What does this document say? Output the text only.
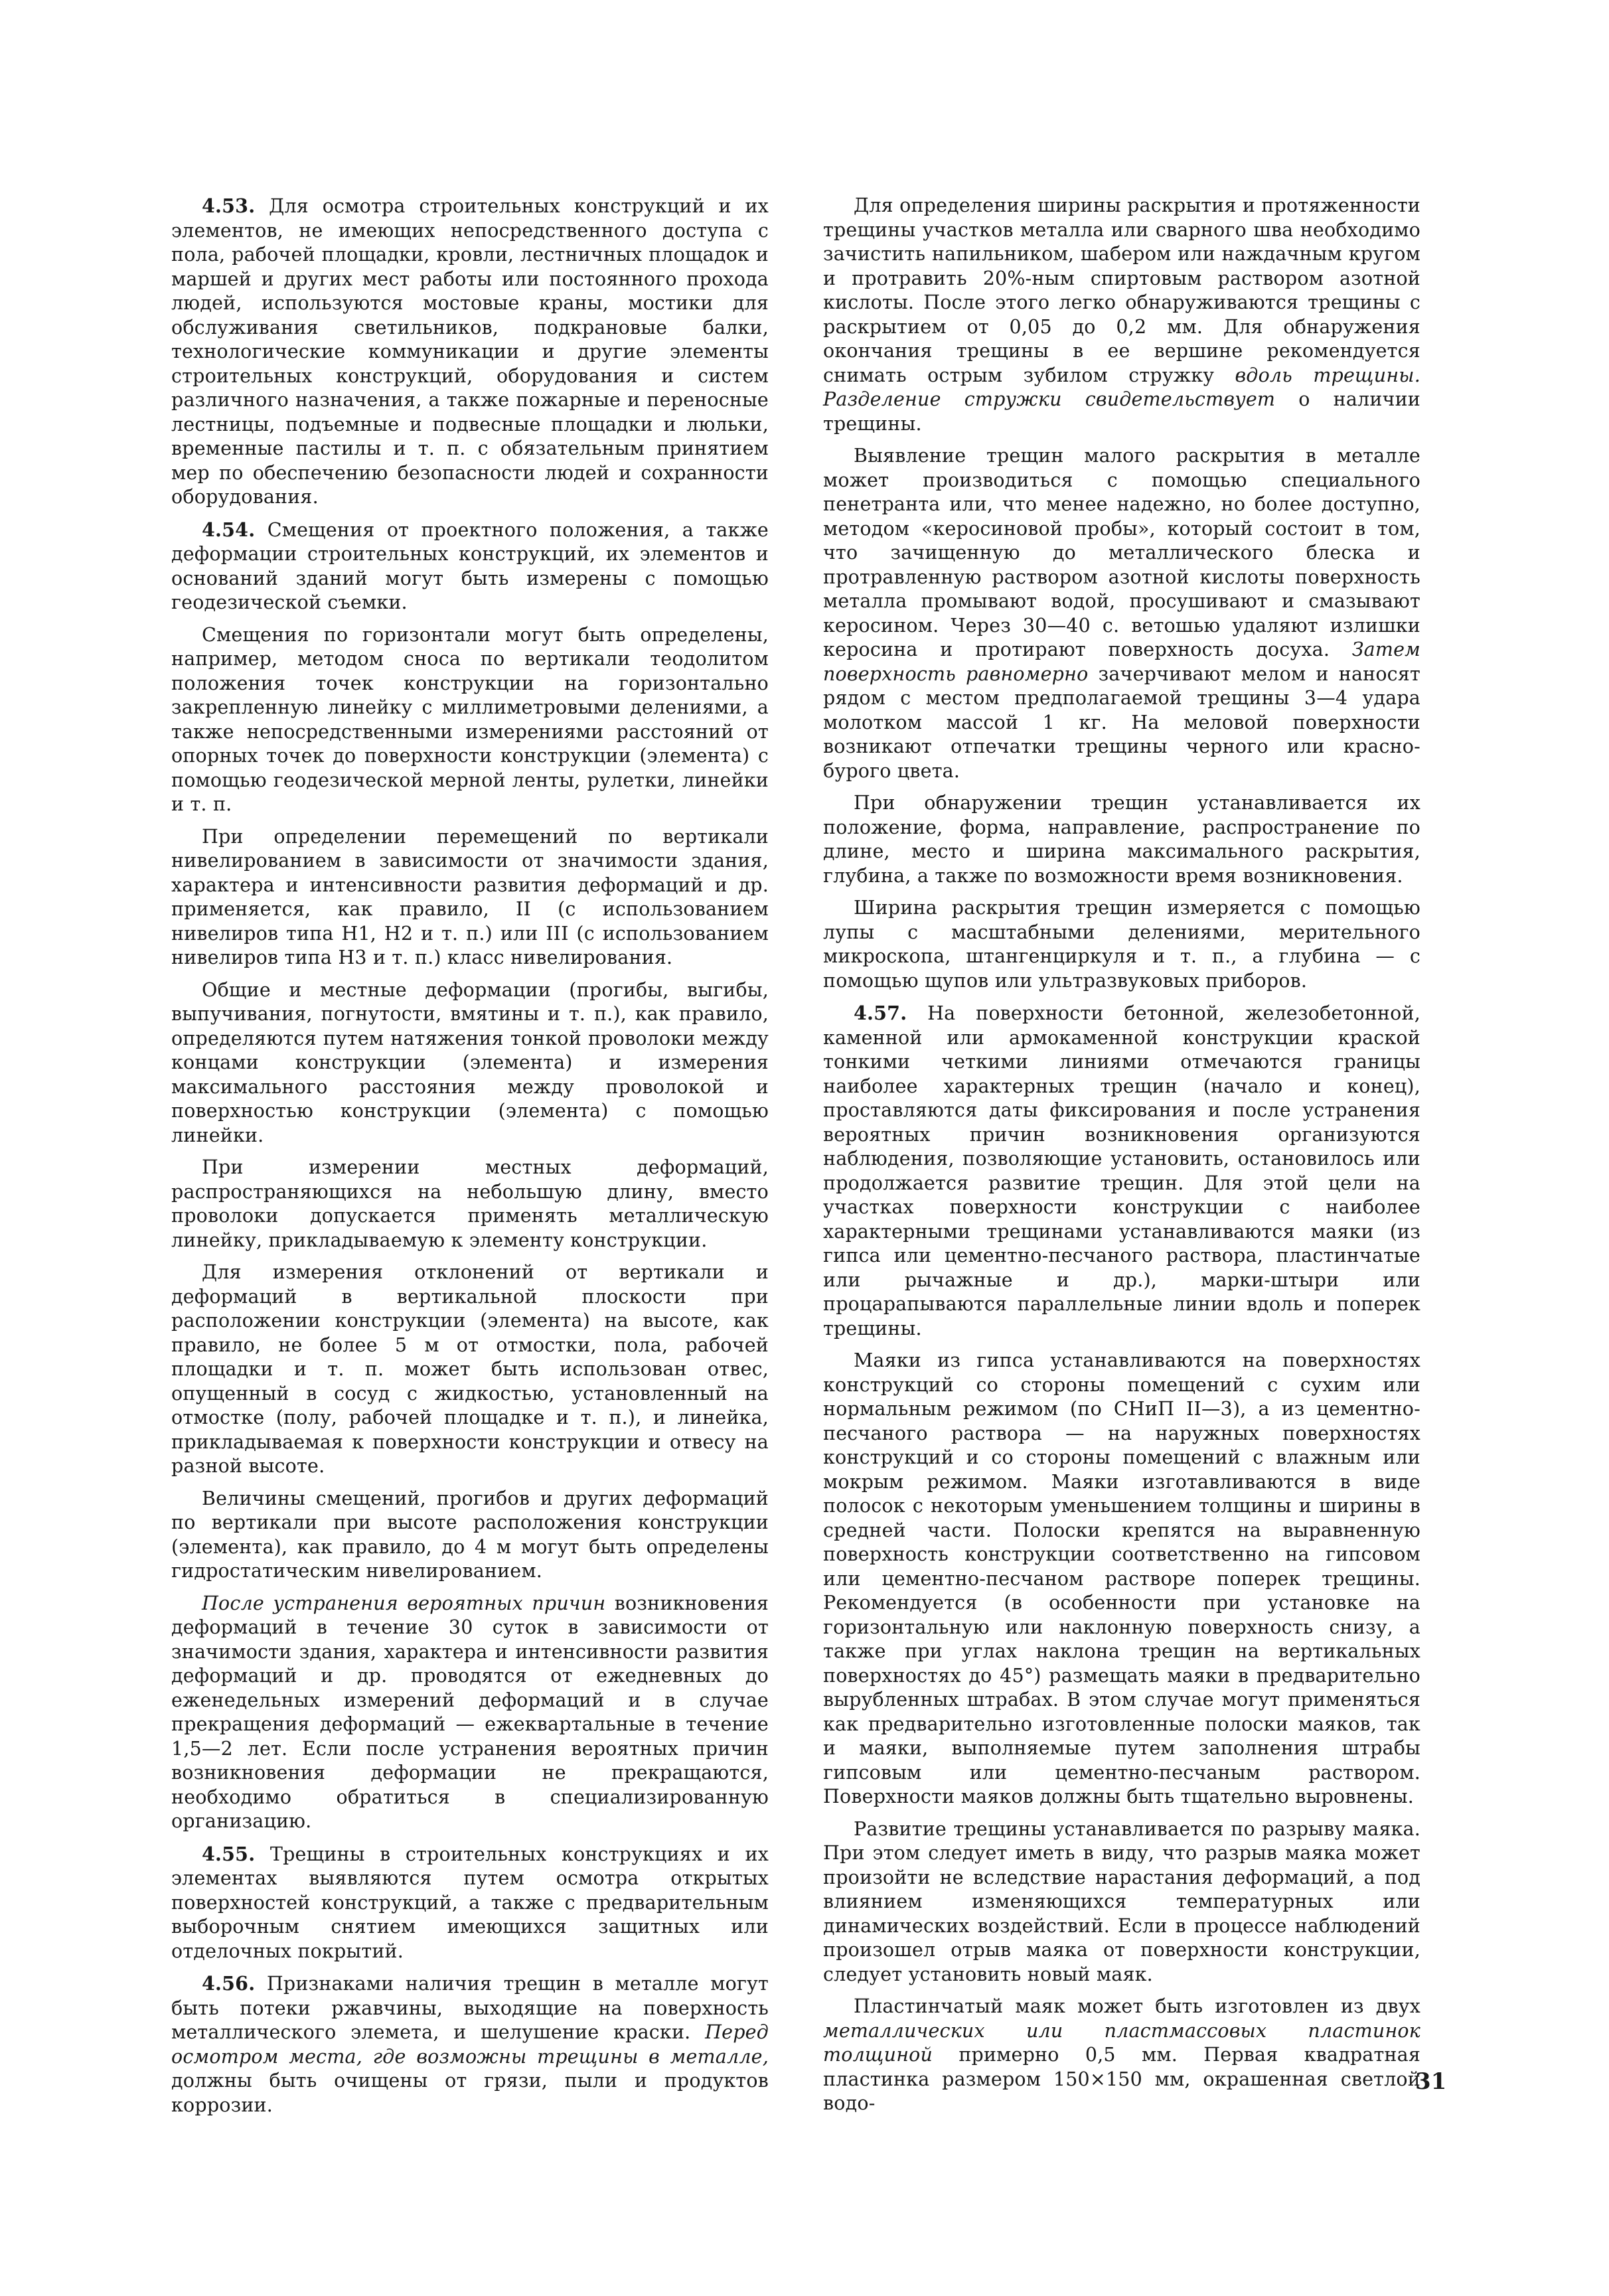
4.53. Для осмотра строительных конструкций и их элементов, не имеющих непосредственного доступа с пола, рабочей площадки, кровли, лестничных площадок и маршей и других мест работы или постоянного прохода людей, используются мостовые краны, мостики для обслуживания светильников, подкрановые балки, технологические коммуникации и другие элементы строительных конструкций, оборудования и систем различного назначения, а также пожарные и переносные лестницы, подъемные и подвесные площадки и люльки, временные пастилы и т. п. с обязательным принятием мер по обеспечению безопасности людей и сохранности оборудования.

4.54. Смещения от проектного положения, а также деформации строительных конструкций, их элементов и оснований зданий могут быть измерены с помощью геодезической съемки.

Смещения по горизонтали могут быть определены, например, методом сноса по вертикали теодолитом положения точек конструкции на горизонтально закрепленную линейку с миллиметровыми делениями, а также непосредственными измерениями расстояний от опорных точек до поверхности конструкции (элемента) с помощью геодезической мерной ленты, рулетки, линейки и т. п.

При определении перемещений по вертикали нивелированием в зависимости от значимости здания, характера и интенсивности развития деформаций и др. применяется, как правило, II (с использованием нивелиров типа Н1, Н2 и т. п.) или III (с использованием нивелиров типа Н3 и т. п.) класс нивелирования.

Общие и местные деформации (прогибы, выгибы, выпучивания, погнутости, вмятины и т. п.), как правило, определяются путем натяжения тонкой проволоки между концами конструкции (элемента) и измерения максимального расстояния между проволокой и поверхностью конструкции (элемента) с помощью линейки.

При измерении местных деформаций, распространяющихся на небольшую длину, вместо проволоки допускается применять металлическую линейку, прикладываемую к элементу конструкции.

Для измерения отклонений от вертикали и деформаций в вертикальной плоскости при расположении конструкции (элемента) на высоте, как правило, не более 5 м от отмостки, пола, рабочей площадки и т. п. может быть использован отвес, опущенный в сосуд с жидкостью, установленный на отмостке (полу, рабочей площадке и т. п.), и линейка, прикладываемая к поверхности конструкции и отвесу на разной высоте.

Величины смещений, прогибов и других деформаций по вертикали при высоте расположения конструкции (элемента), как правило, до 4 м могут быть определены гидростатическим нивелированием.

После устранения вероятных причин возникновения деформаций в течение 30 суток в зависимости от значимости здания, характера и интенсивности развития деформаций и др. проводятся от ежедневных до еженедельных измерений деформаций и в случае прекращения деформаций — ежеквартальные в течение 1,5—2 лет. Если после устранения вероятных причин возникновения деформации не прекращаются, необходимо обратиться в специализированную организацию.

4.55. Трещины в строительных конструкциях и их элементах выявляются путем осмотра открытых поверхностей конструкций, а также с предварительным выборочным снятием имеющихся защитных или отделочных покрытий.

4.56. Признаками наличия трещин в металле могут быть потеки ржавчины, выходящие на поверхность металлического элемета, и шелушение краски. Перед осмотром места, где возможны трещины в металле, должны быть очищены от грязи, пыли и продуктов коррозии.

Для определения ширины раскрытия и протяженности трещины участков металла или сварного шва необходимо зачистить напильником, шабером или наждачным кругом и протравить 20%-ным спиртовым раствором азотной кислоты. После этого легко обнаруживаются трещины с раскрытием от 0,05 до 0,2 мм. Для обнаружения окончания трещины в ее вершине рекомендуется снимать острым зубилом стружку вдоль трещины. Разделение стружки свидетельствует о наличии трещины.

Выявление трещин малого раскрытия в металле может производиться с помощью специального пенетранта или, что менее надежно, но более доступно, методом «керосиновой пробы», который состоит в том, что зачищенную до металлического блеска и протравленную раствором азотной кислоты поверхность металла промывают водой, просушивают и смазывают керосином. Через 30—40 с. ветошью удаляют излишки керосина и протирают поверхность досуха. Затем поверхность равномерно зачерчивают мелом и наносят рядом с местом предполагаемой трещины 3—4 удара молотком массой 1 кг. На меловой поверхности возникают отпечатки трещины черного или красно-бурого цвета.

При обнаружении трещин устанавливается их положение, форма, направление, распространение по длине, место и ширина максимального раскрытия, глубина, а также по возможности время возникновения.

Ширина раскрытия трещин измеряется с помощью лупы с масштабными делениями, мерительного микроскопа, штангенциркуля и т. п., а глубина — с помощью щупов или ультразвуковых приборов.

4.57. На поверхности бетонной, железобетонной, каменной или армокаменной конструкции краской тонкими четкими линиями отмечаются границы наиболее характерных трещин (начало и конец), проставляются даты фиксирования и после устранения вероятных причин возникновения организуются наблюдения, позволяющие установить, остановилось или продолжается развитие трещин. Для этой цели на участках поверхности конструкции с наиболее характерными трещинами устанавливаются маяки (из гипса или цементно-песчаного раствора, пластинчатые или рычажные и др.), марки-штыри или процарапываются параллельные линии вдоль и поперек трещины.

Маяки из гипса устанавливаются на поверхностях конструкций со стороны помещений с сухим или нормальным режимом (по СНиП II—3), а из цементно-песчаного раствора — на наружных поверхностях конструкций и со стороны помещений с влажным или мокрым режимом. Маяки изготавливаются в виде полосок с некоторым уменьшением толщины и ширины в средней части. Полоски крепятся на выравненную поверхность конструкции соответственно на гипсовом или цементно-песчаном растворе поперек трещины. Рекомендуется (в особенности при установке на горизонтальную или наклонную поверхность снизу, а также при углах наклона трещин на вертикальных поверхностях до 45°) размещать маяки в предварительно вырубленных штрабах. В этом случае могут применяться как предварительно изготовленные полоски маяков, так и маяки, выполняемые путем заполнения штрабы гипсовым или цементно-песчаным раствором. Поверхности маяков должны быть тщательно выровнены.

Развитие трещины устанавливается по разрыву маяка. При этом следует иметь в виду, что разрыв маяка может произойти не вследствие нарастания деформаций, а под влиянием изменяющихся температурных или динамических воздействий. Если в процессе наблюдений произошел отрыв маяка от поверхности конструкции, следует установить новый маяк.

Пластинчатый маяк может быть изготовлен из двух металлических или пластмассовых пластинок толщиной примерно 0,5 мм. Первая квадратная пластинка размером 150×150 мм, окрашенная светлой водо-

31
